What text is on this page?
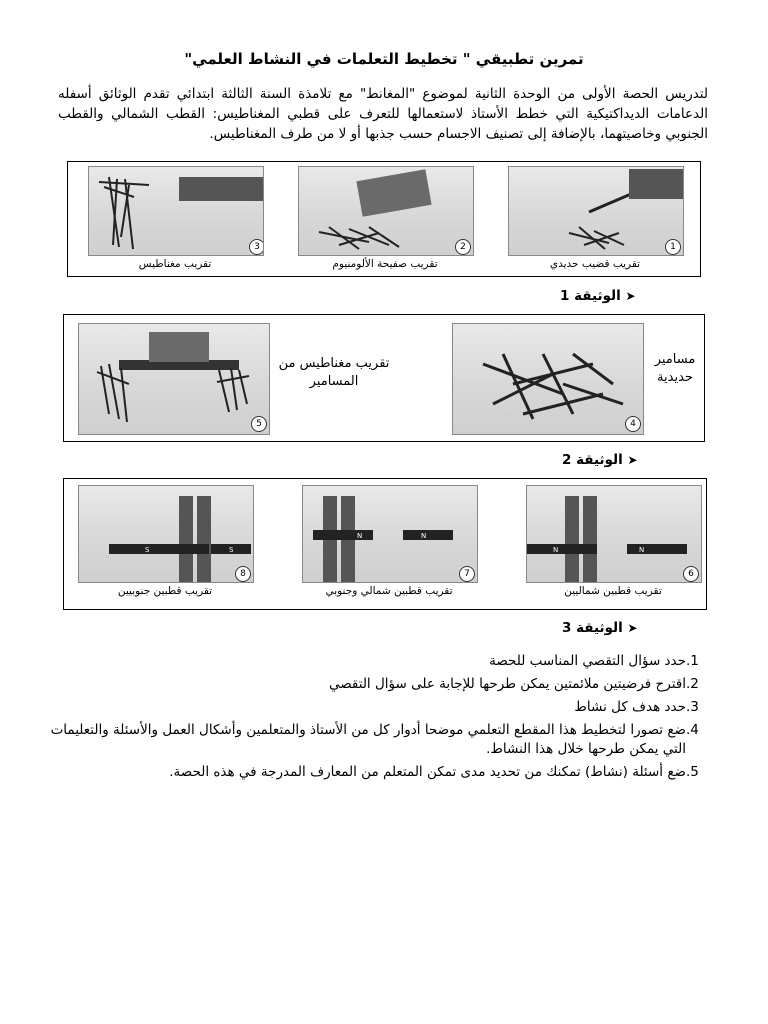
تمرين تطبيقي " تخطيط التعلمات في النشاط العلمي"
لتدريس الحصة الأولى من الوحدة الثانية لموضوع "المغانط" مع تلامذة السنة الثالثة ابتدائي تقدم الوثائق أسفله الدعامات الديداكتيكية التي خطط الأستاذ لاستعمالها للتعرف على قطبي المغناطيس: القطب الشمالي والقطب الجنوبي وخاصيتهما، بالإضافة إلى تصنيف الاجسام حسب جذبها أو لا من طرف المغناطيس.
3	2	1
تقريب مغناطيس	تقريب صفيحة الألومنيوم	تقريب قضيب حديدي
➤ الوثيقة 1
5
تقريب مغناطيس من المسامير
4
مسامير حديدية
➤ الوثيقة 2
S	S
8
N	N
7
N	N
6
تقريب قطبين جنوبيين	تقريب قطبين شمالي وجنوبي	تقريب قطبين شماليين
➤ الوثيقة 3
1.
حدد سؤال التقصي المناسب للحصة
2.
اقترح فرضيتين ملائمتين يمكن طرحها للإجابة على سؤال التقصي
3.
حدد هدف كل نشاط
4.
ضع تصورا لتخطيط هذا المقطع التعلمي موضحا أدوار كل من الأستاذ والمتعلمين وأشكال العمل والأسئلة والتعليمات التي يمكن طرحها خلال هذا النشاط.
5.
ضع أسئلة (نشاط) تمكنك من تحديد مدى تمكن المتعلم من المعارف المدرجة في هذه الحصة.
